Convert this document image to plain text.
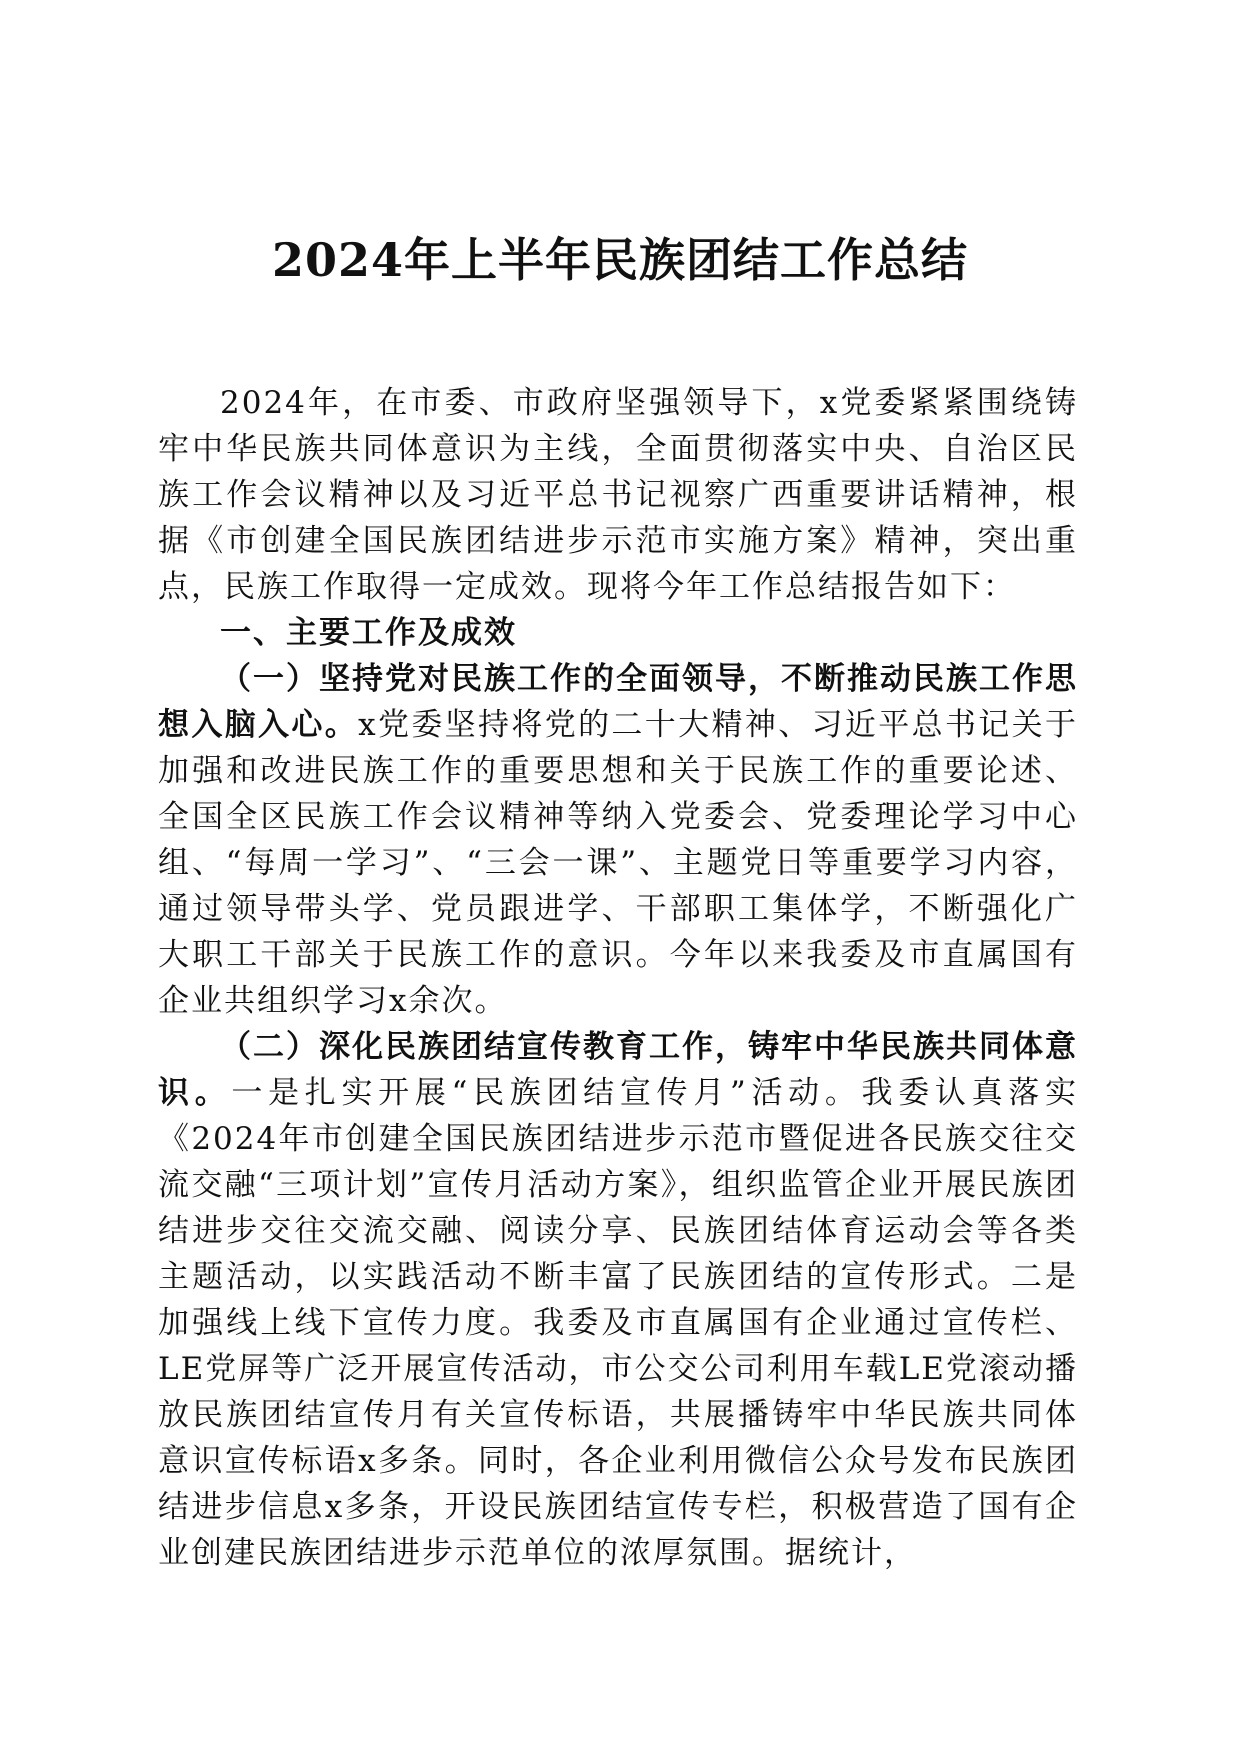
2024年上半年民族团结工作总结

2024年，在市委、市政府坚强领导下，x党委紧紧围绕铸牢中华民族共同体意识为主线，全面贯彻落实中央、自治区民族工作会议精神以及习近平总书记视察广西重要讲话精神，根据《市创建全国民族团结进步示范市实施方案》精神，突出重点，民族工作取得一定成效。现将今年工作总结报告如下：

一、主要工作及成效

（一）坚持党对民族工作的全面领导，不断推动民族工作思想入脑入心。x党委坚持将党的二十大精神、习近平总书记关于加强和改进民族工作的重要思想和关于民族工作的重要论述、全国全区民族工作会议精神等纳入党委会、党委理论学习中心组、“每周一学习”、“三会一课”、主题党日等重要学习内容，通过领导带头学、党员跟进学、干部职工集体学，不断强化广大职工干部关于民族工作的意识。今年以来我委及市直属国有企业共组织学习x余次。

（二）深化民族团结宣传教育工作，铸牢中华民族共同体意识。一是扎实开展“民族团结宣传月”活动。我委认真落实《2024年市创建全国民族团结进步示范市暨促进各民族交往交流交融“三项计划”宣传月活动方案》，组织监管企业开展民族团结进步交往交流交融、阅读分享、民族团结体育运动会等各类主题活动，以实践活动不断丰富了民族团结的宣传形式。二是加强线上线下宣传力度。我委及市直属国有企业通过宣传栏、LE党屏等广泛开展宣传活动，市公交公司利用车载LE党滚动播放民族团结宣传月有关宣传标语，共展播铸牢中华民族共同体意识宣传标语x多条。同时，各企业利用微信公众号发布民族团结进步信息x多条，开设民族团结宣传专栏，积极营造了国有企业创建民族团结进步示范单位的浓厚氛围。据统计，
